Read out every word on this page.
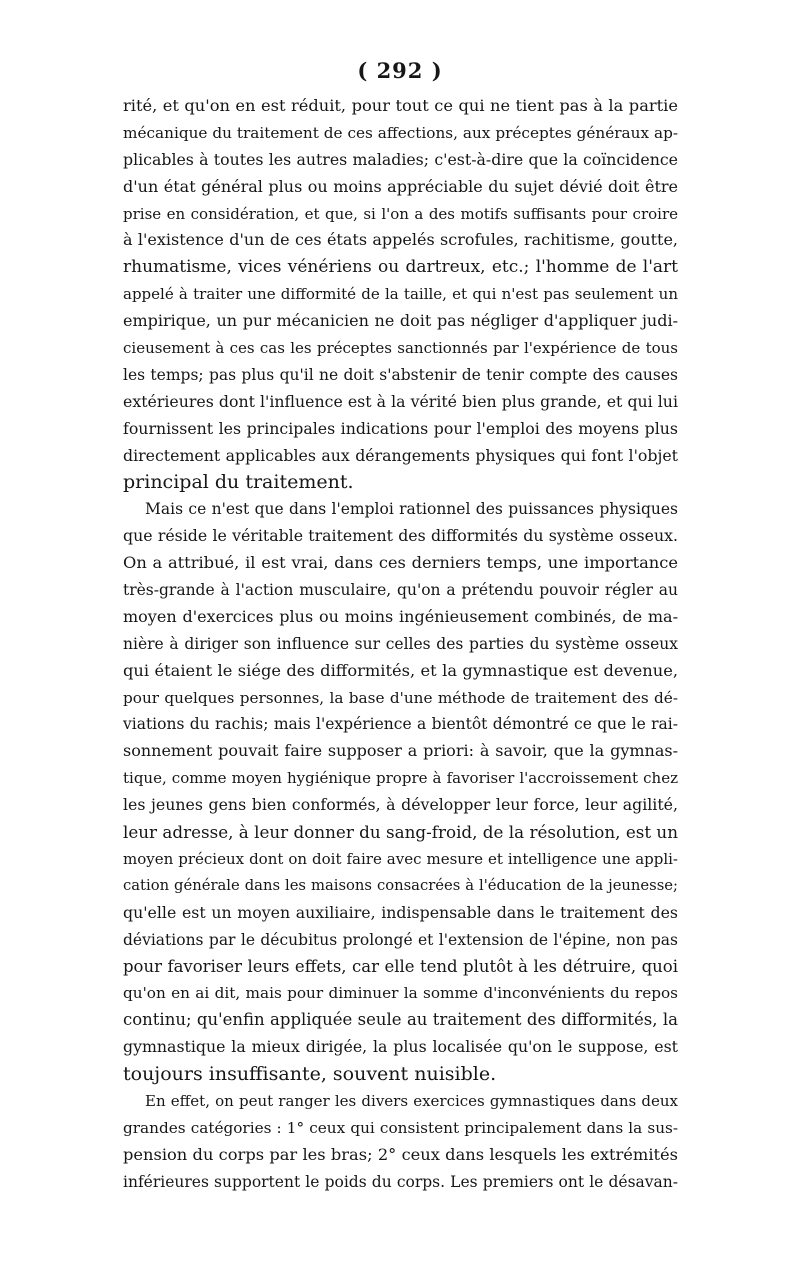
( 292 )
rité, et qu'on en est réduit, pour tout ce qui ne tient pas à la partie
mécanique du traitement de ces affections, aux préceptes généraux ap-
plicables à toutes les autres maladies; c'est-à-dire que la coïncidence
d'un état général plus ou moins appréciable du sujet dévié doit être
prise en considération, et que, si l'on a des motifs suffisants pour croire
à l'existence d'un de ces états appelés scrofules, rachitisme, goutte,
rhumatisme, vices vénériens ou dartreux, etc.; l'homme de l'art
appelé à traiter une difformité de la taille, et qui n'est pas seulement un
empirique, un pur mécanicien ne doit pas négliger d'appliquer judi-
cieusement à ces cas les préceptes sanctionnés par l'expérience de tous
les temps; pas plus qu'il ne doit s'abstenir de tenir compte des causes
extérieures dont l'influence est à la vérité bien plus grande, et qui lui
fournissent les principales indications pour l'emploi des moyens plus
directement applicables aux dérangements physiques qui font l'objet
principal du traitement.
Mais ce n'est que dans l'emploi rationnel des puissances physiques
que réside le véritable traitement des difformités du système osseux.
On a attribué, il est vrai, dans ces derniers temps, une importance
très-grande à l'action musculaire, qu'on a prétendu pouvoir régler au
moyen d'exercices plus ou moins ingénieusement combinés, de ma-
nière à diriger son influence sur celles des parties du système osseux
qui étaient le siége des difformités, et la gymnastique est devenue,
pour quelques personnes, la base d'une méthode de traitement des dé-
viations du rachis; mais l'expérience a bientôt démontré ce que le rai-
sonnement pouvait faire supposer a priori: à savoir, que la gymnas-
tique, comme moyen hygiénique propre à favoriser l'accroissement chez
les jeunes gens bien conformés, à développer leur force, leur agilité,
leur adresse, à leur donner du sang-froid, de la résolution, est un
moyen précieux dont on doit faire avec mesure et intelligence une appli-
cation générale dans les maisons consacrées à l'éducation de la jeunesse;
qu'elle est un moyen auxiliaire, indispensable dans le traitement des
déviations par le décubitus prolongé et l'extension de l'épine, non pas
pour favoriser leurs effets, car elle tend plutôt à les détruire, quoi
qu'on en ai dit, mais pour diminuer la somme d'inconvénients du repos
continu; qu'enfin appliquée seule au traitement des difformités, la
gymnastique la mieux dirigée, la plus localisée qu'on le suppose, est
toujours insuffisante, souvent nuisible.
En effet, on peut ranger les divers exercices gymnastiques dans deux
grandes catégories : 1° ceux qui consistent principalement dans la sus-
pension du corps par les bras; 2° ceux dans lesquels les extrémités
inférieures supportent le poids du corps. Les premiers ont le désavan-
